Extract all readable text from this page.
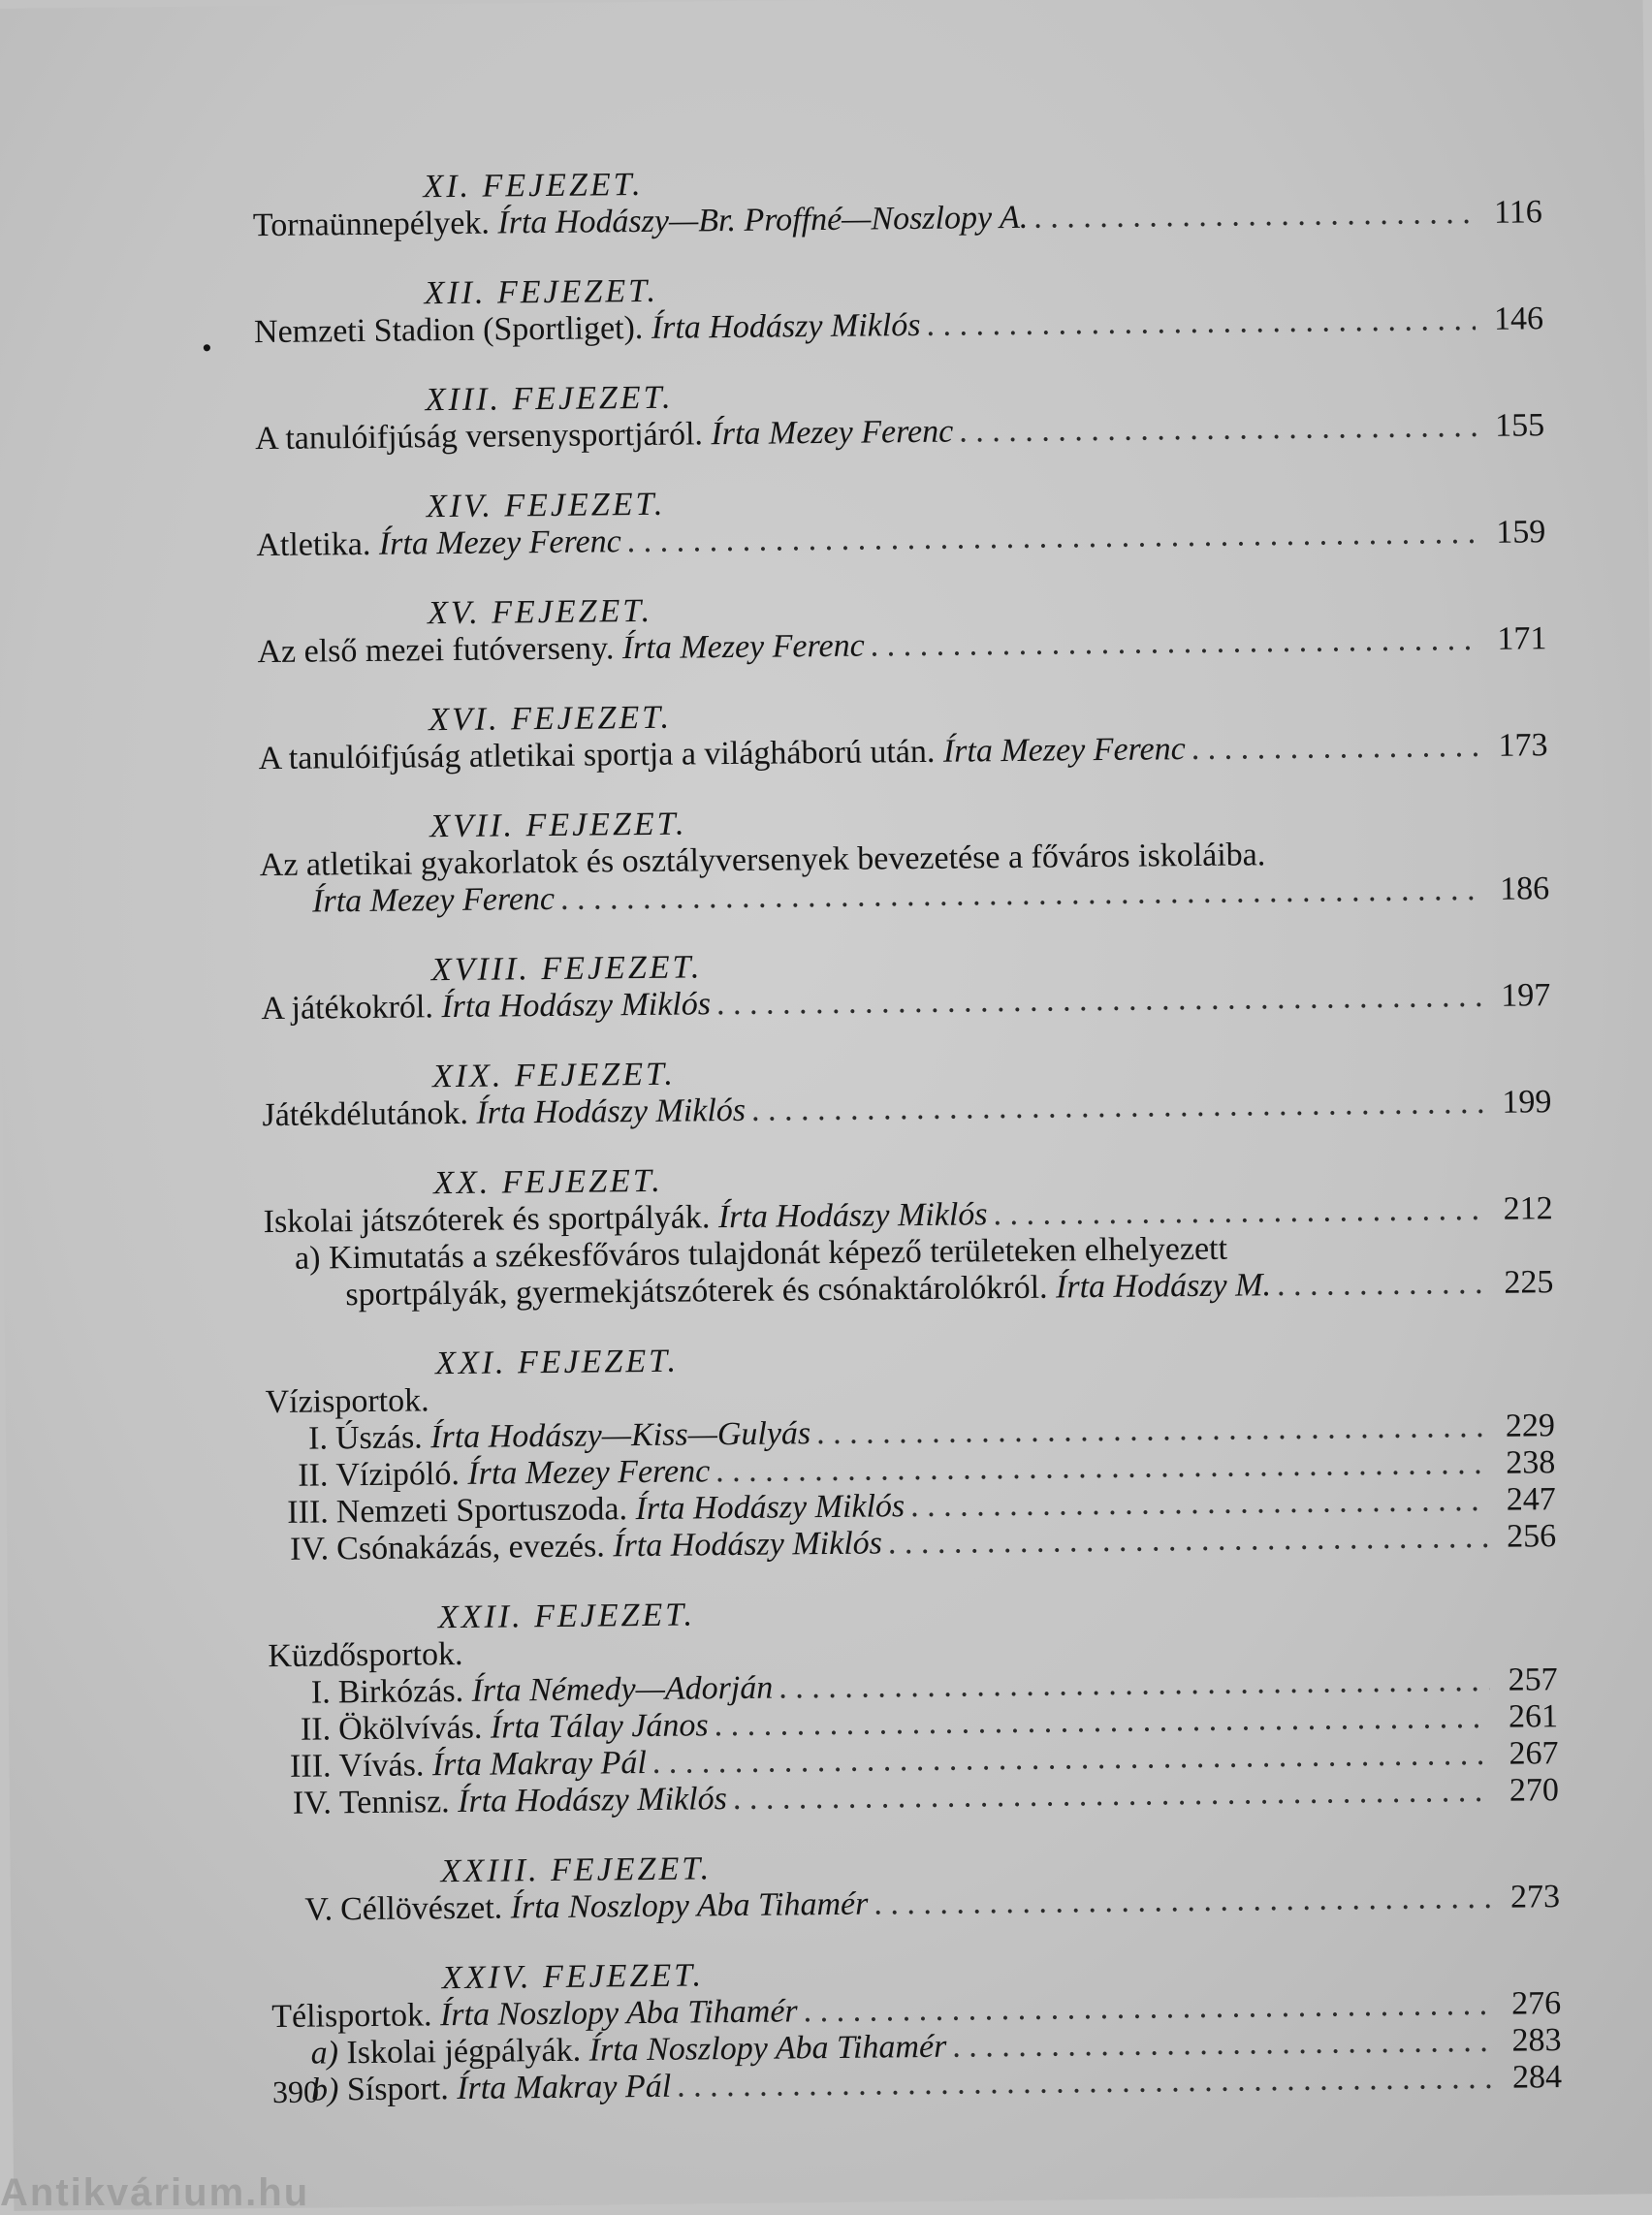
•
XI. FEJEZET.
Tornaünnepélyek. Írta Hodászy—Br. Proffné—Noszlopy A. . . .	116
XII. FEJEZET.
Nemzeti Stadion (Sportliget). Írta Hodászy Miklós . . .	146
XIII. FEJEZET.
A tanulóifjúság versenysportjáról. Írta Mezey Ferenc . . .	155
XIV. FEJEZET.
Atletika. Írta Mezey Ferenc . . .	159
XV. FEJEZET.
Az első mezei futóverseny. Írta Mezey Ferenc . . .	171
XVI. FEJEZET.
A tanulóifjúság atletikai sportja a világháború után. Írta Mezey Ferenc . . .	173
XVII. FEJEZET.
Az atletikai gyakorlatok és osztályversenyek bevezetése a főváros iskoláiba.
Írta Mezey Ferenc . . .	186
XVIII. FEJEZET.
A játékokról. Írta Hodászy Miklós . . .	197
XIX. FEJEZET.
Játékdélutánok. Írta Hodászy Miklós . . .	199
XX. FEJEZET.
Iskolai játszóterek és sportpályák. Írta Hodászy Miklós . . .	212
a) Kimutatás a székesfőváros tulajdonát képező területeken elhelyezett
sportpályák, gyermekjátszóterek és csónaktárolókról. Írta Hodászy M. . . .	225
XXI. FEJEZET.
Vízisportok.
I. Úszás. Írta Hodászy—Kiss—Gulyás . . .	229
II. Vízipóló. Írta Mezey Ferenc . . .	238
III. Nemzeti Sportuszoda. Írta Hodászy Miklós . . .	247
IV. Csónakázás, evezés. Írta Hodászy Miklós . . .	256
XXII. FEJEZET.
Küzdősportok.
I. Birkózás. Írta Némedy—Adorján . . .	257
II. Ökölvívás. Írta Tálay János . . .	261
III. Vívás. Írta Makray Pál . . .	267
IV. Tennisz. Írta Hodászy Miklós . . .	270
XXIII. FEJEZET.
V. Céllövészet. Írta Noszlopy Aba Tihamér . . .	273
XXIV. FEJEZET.
Télisportok. Írta Noszlopy Aba Tihamér . . .	276
a) Iskolai jégpályák. Írta Noszlopy Aba Tihamér . . .	283
b) Sísport. Írta Makray Pál . . .	284
390
Antikvárium.hu
